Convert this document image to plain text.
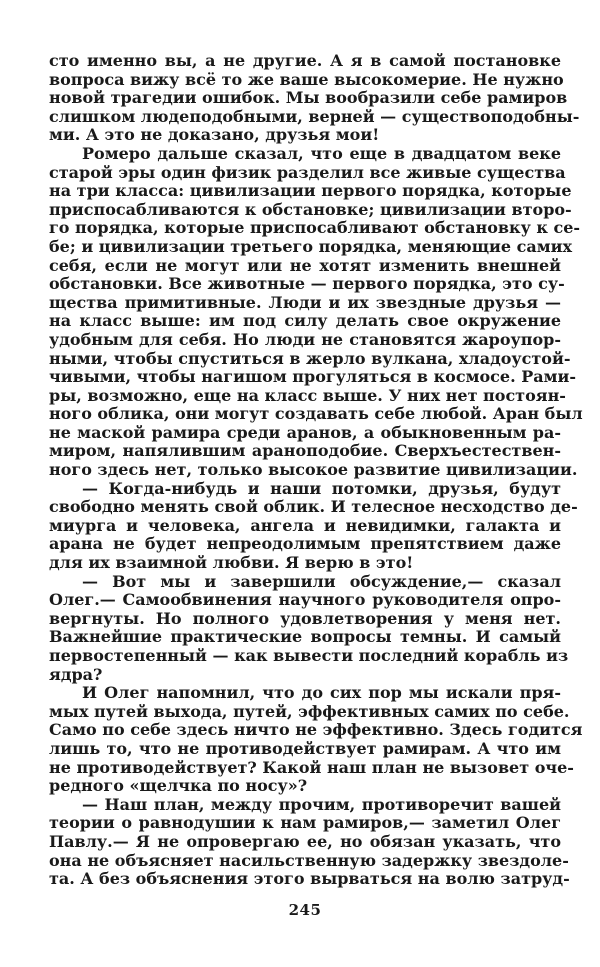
сто именно вы, а не другие. А я в самой постановке
вопроса вижу всё то же ваше высокомерие. Не нужно
новой трагедии ошибок. Мы вообразили себе рамиров
слишком людеподобными, верней — существоподобны-
ми. А это не доказано, друзья мои!
Ромеро дальше сказал, что еще в двадцатом веке
старой эры один физик разделил все живые существа
на три класса: цивилизации первого порядка, которые
приспосабливаются к обстановке; цивилизации второ-
го порядка, которые приспосабливают обстановку к се-
бе; и цивилизации третьего порядка, меняющие самих
себя, если не могут или не хотят изменить внешней
обстановки. Все животные — первого порядка, это су-
щества примитивные. Люди и их звездные друзья —
на класс выше: им под силу делать свое окружение
удобным для себя. Но люди не становятся жароупор-
ными, чтобы спуститься в жерло вулкана, хладоустой-
чивыми, чтобы нагишом прогуляться в космосе. Рами-
ры, возможно, еще на класс выше. У них нет постоян-
ного облика, они могут создавать себе любой. Аран был
не маской рамира среди аранов, а обыкновенным ра-
миром, напялившим араноподобие. Сверхъестествен-
ного здесь нет, только высокое развитие цивилизации.
— Когда-нибудь и наши потомки, друзья, будут
свободно менять свой облик. И телесное несходство де-
миурга и человека, ангела и невидимки, галакта и
арана не будет непреодолимым препятствием даже
для их взаимной любви. Я верю в это!
— Вот мы и завершили обсуждение,— сказал
Олег.— Самообвинения научного руководителя опро-
вергнуты. Но полного удовлетворения у меня нет.
Важнейшие практические вопросы темны. И самый
первостепенный — как вывести последний корабль из
ядра?
И Олег напомнил, что до сих пор мы искали пря-
мых путей выхода, путей, эффективных самих по себе.
Само по себе здесь ничто не эффективно. Здесь годится
лишь то, что не противодействует рамирам. А что им
не противодействует? Какой наш план не вызовет оче-
редного «щелчка по носу»?
— Наш план, между прочим, противоречит вашей
теории о равнодушии к нам рамиров,— заметил Олег
Павлу.— Я не опровергаю ее, но обязан указать, что
она не объясняет насильственную задержку звездоле-
та. А без объяснения этого вырваться на волю затруд-
245
